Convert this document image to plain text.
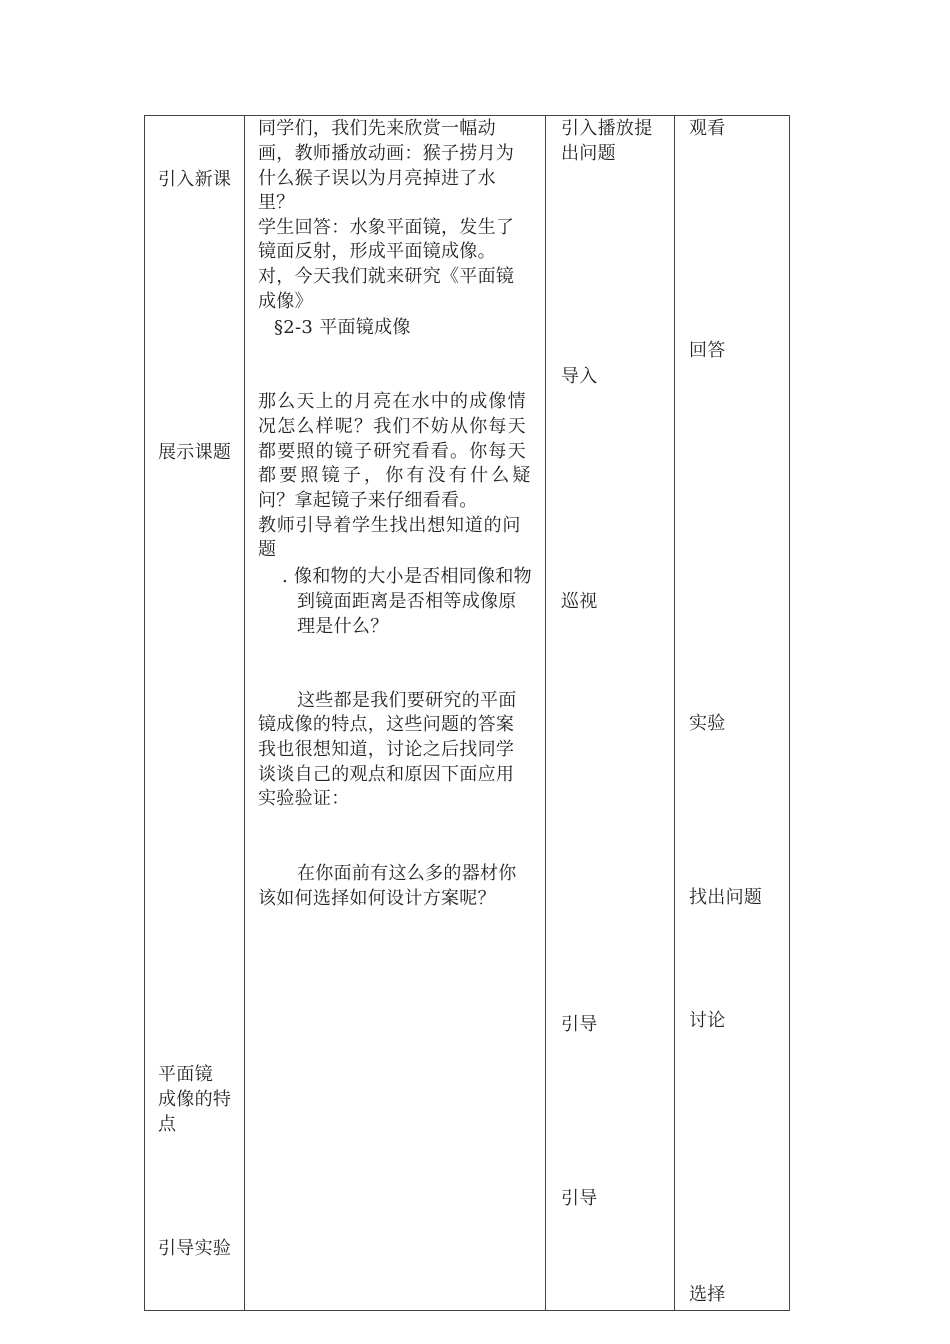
引入新课
展示课题
平面镜
成像的特
点
引导实验
同学们，我们先来欣赏一幅动
画，教师播放动画：猴子捞月为
什么猴子误以为月亮掉进了水
里？
学生回答：水象平面镜，发生了
镜面反射，形成平面镜成像。
对，今天我们就来研究《平面镜
成像》
§2-3 平面镜成像
那么天上的月亮在水中的成像情
况怎么样呢？我们不妨从你每天
都要照的镜子研究看看。你每天
都要照镜子，你有没有什么疑
问？拿起镜子来仔细看看。
教师引导着学生找出想知道的问
题
. 像和物的大小是否相同像和物
到镜面距离是否相等成像原
理是什么？
这些都是我们要研究的平面
镜成像的特点，这些问题的答案
我也很想知道，讨论之后找同学
谈谈自己的观点和原因下面应用
实验验证：
在你面前有这么多的器材你
该如何选择如何设计方案呢？
引入播放提
出问题
导入
巡视
引导
引导
观看
回答
实验
找出问题
讨论
选择
